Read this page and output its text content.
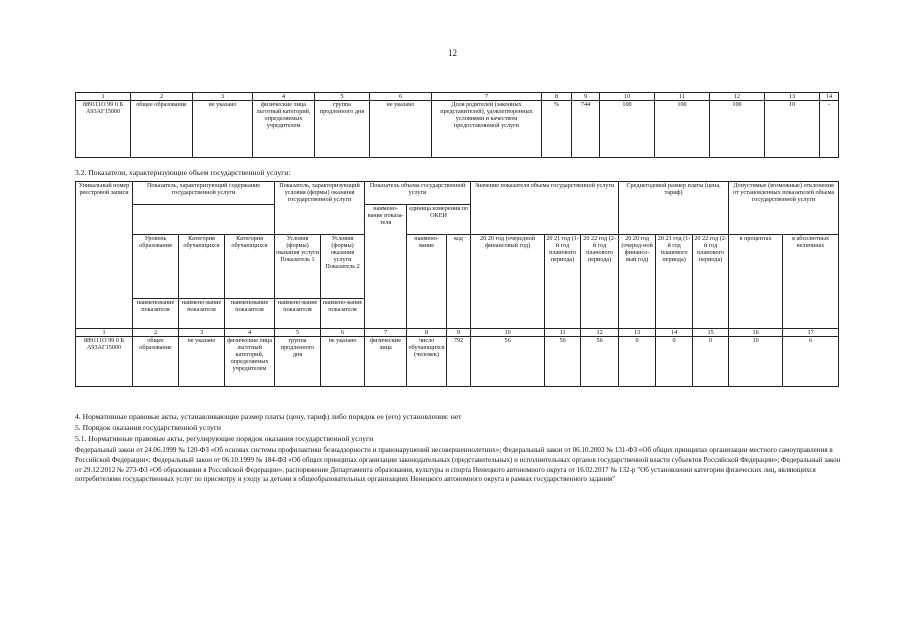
12
1	2	3	4	5	6	7	8	9	10	11	12	13	14
889111О 99 0 Б А93АГ15000	общее образование	не указано	физические лица льготный категорий, определяемых учредителем	группа продленного дня	не указано	Доля родителей (законных представителей), удовлетворенных условиями и качеством предоставляемой услуги	%	744	100	100	100	10	-
3.2. Показатели, характеризующие объем государственной услуги:
Уникальный номер реестровой записи	Показатель, характеризующий содержание государственной услуги			Показатель, характеризующий условия (формы) оказания государственной услуги		Показатель объема государственной услуги			Значение показателя объема государственной услуги			Среднегодовой размер платы (цена, тариф)			Допустимые (возможные) отклонения от установленных показателей объема государственной услуги	
						наимено-вание показа-теля	единица измерения по ОКЕИ									
	Уровень образования	Категория обучающихся	Категория обучающихся	Условия (формы) оказания услуги Показатель 1	Условия (формы) оказания услуги Показатель 2		наимено-вание	код	20 20 год (очередной финансовый год)	20 21 год (1-й год планового периода)	20 22 год (2-й год планового периода)	20 20 год (очеред-ной финансо-вый год)	20 21 год (1-й год планового периода)	20 22 год (2-й год планового периода)	в процентах	в абсолютных величинах
	наименование показателя	наимено-вание показателя	наименование показателя	наимено-вание показателя	наимено-вание показателя											
1	2	3	4	5	6	7	8	9	10	11	12	13	14	15	16	17
889111О 99 0 Б А93АГ15000	общее образование	не указано	физические лица льготный категорий, определяемых учредителем	группа продленного дня	не указано	физические лица	число обучающихся (человек)	792	56	56	56	0	0	0	10	6
4. Нормативные правовые акты, устанавливающие размер платы (цену, тариф) либо порядок ее (его) установления: нет
5. Порядок оказания государственной услуги
5.1. Нормативные правовые акты, регулирующие порядок оказания государственной услуги
Федеральный закон от 24.06.1999 № 120-ФЗ «Об основах системы профилактики безнадзорности и правонарушений несовершеннолетних»; Федеральный закон от 06.10.2003 № 131-ФЗ «Об общих принципах организации местного самоуправления в Российской Федерации»; Федеральный закон от 06.10.1999 № 184-ФЗ «Об общих принципах организации законодательных (представительных) и исполнительных органов государственной власти субъектов Российской Федерации»; Федеральный закон от 29.12.2012 № 273-ФЗ «Об образовании в Российской Федерации», распоряжение Департамента образования, культуры и спорта Ненецкого автономного округа от 16.02.2017 № 132-р "Об установлении категории физических лиц, являющихся потребителями государственных услуг по присмотру и уходу за детьми в общеобразовательных организациях Ненецкого автономного округа в рамках государственного задания"
